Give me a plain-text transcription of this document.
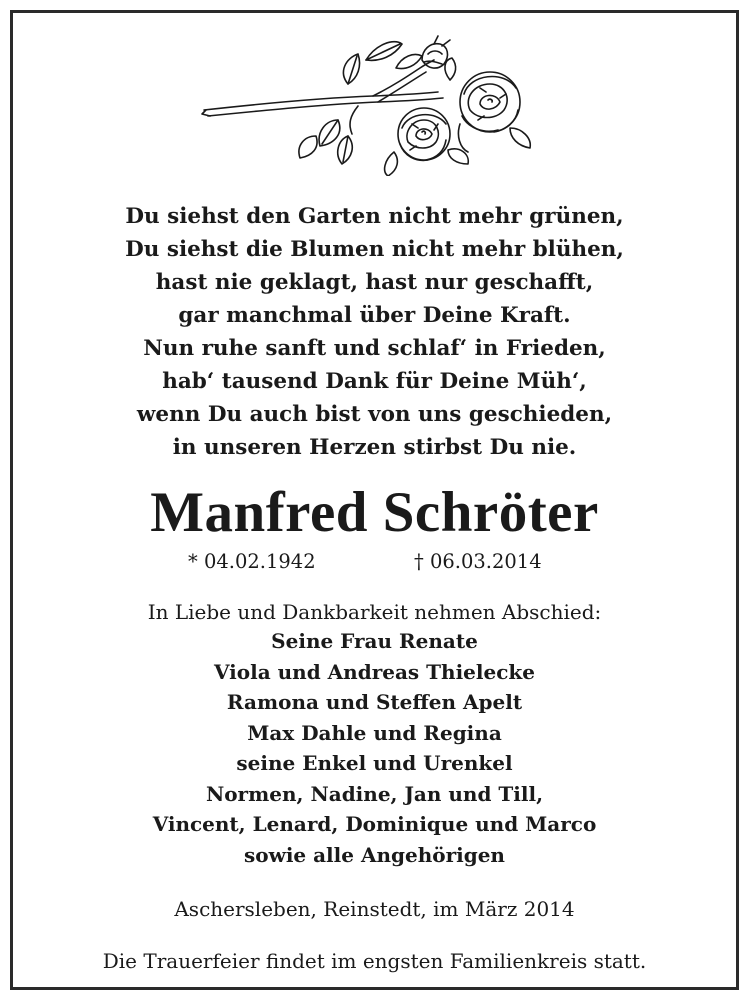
Du siehst den Garten nicht mehr grünen,
Du siehst die Blumen nicht mehr blühen,
hast nie geklagt, hast nur geschafft,
gar manchmal über Deine Kraft.
Nun ruhe sanft und schlaf‘ in Frieden,
hab‘ tausend Dank für Deine Müh‘,
wenn Du auch bist von uns geschieden,
in unseren Herzen stirbst Du nie.
Manfred Schröter
* 04.02.1942	† 06.03.2014
In Liebe und Dankbarkeit nehmen Abschied:
Seine Frau Renate
Viola und Andreas Thielecke
Ramona und Steffen Apelt
Max Dahle und Regina
seine Enkel und Urenkel
Normen, Nadine, Jan und Till,
Vincent, Lenard, Dominique und Marco
sowie alle Angehörigen
Aschersleben, Reinstedt, im März 2014
Die Trauerfeier findet im engsten Familienkreis statt.
